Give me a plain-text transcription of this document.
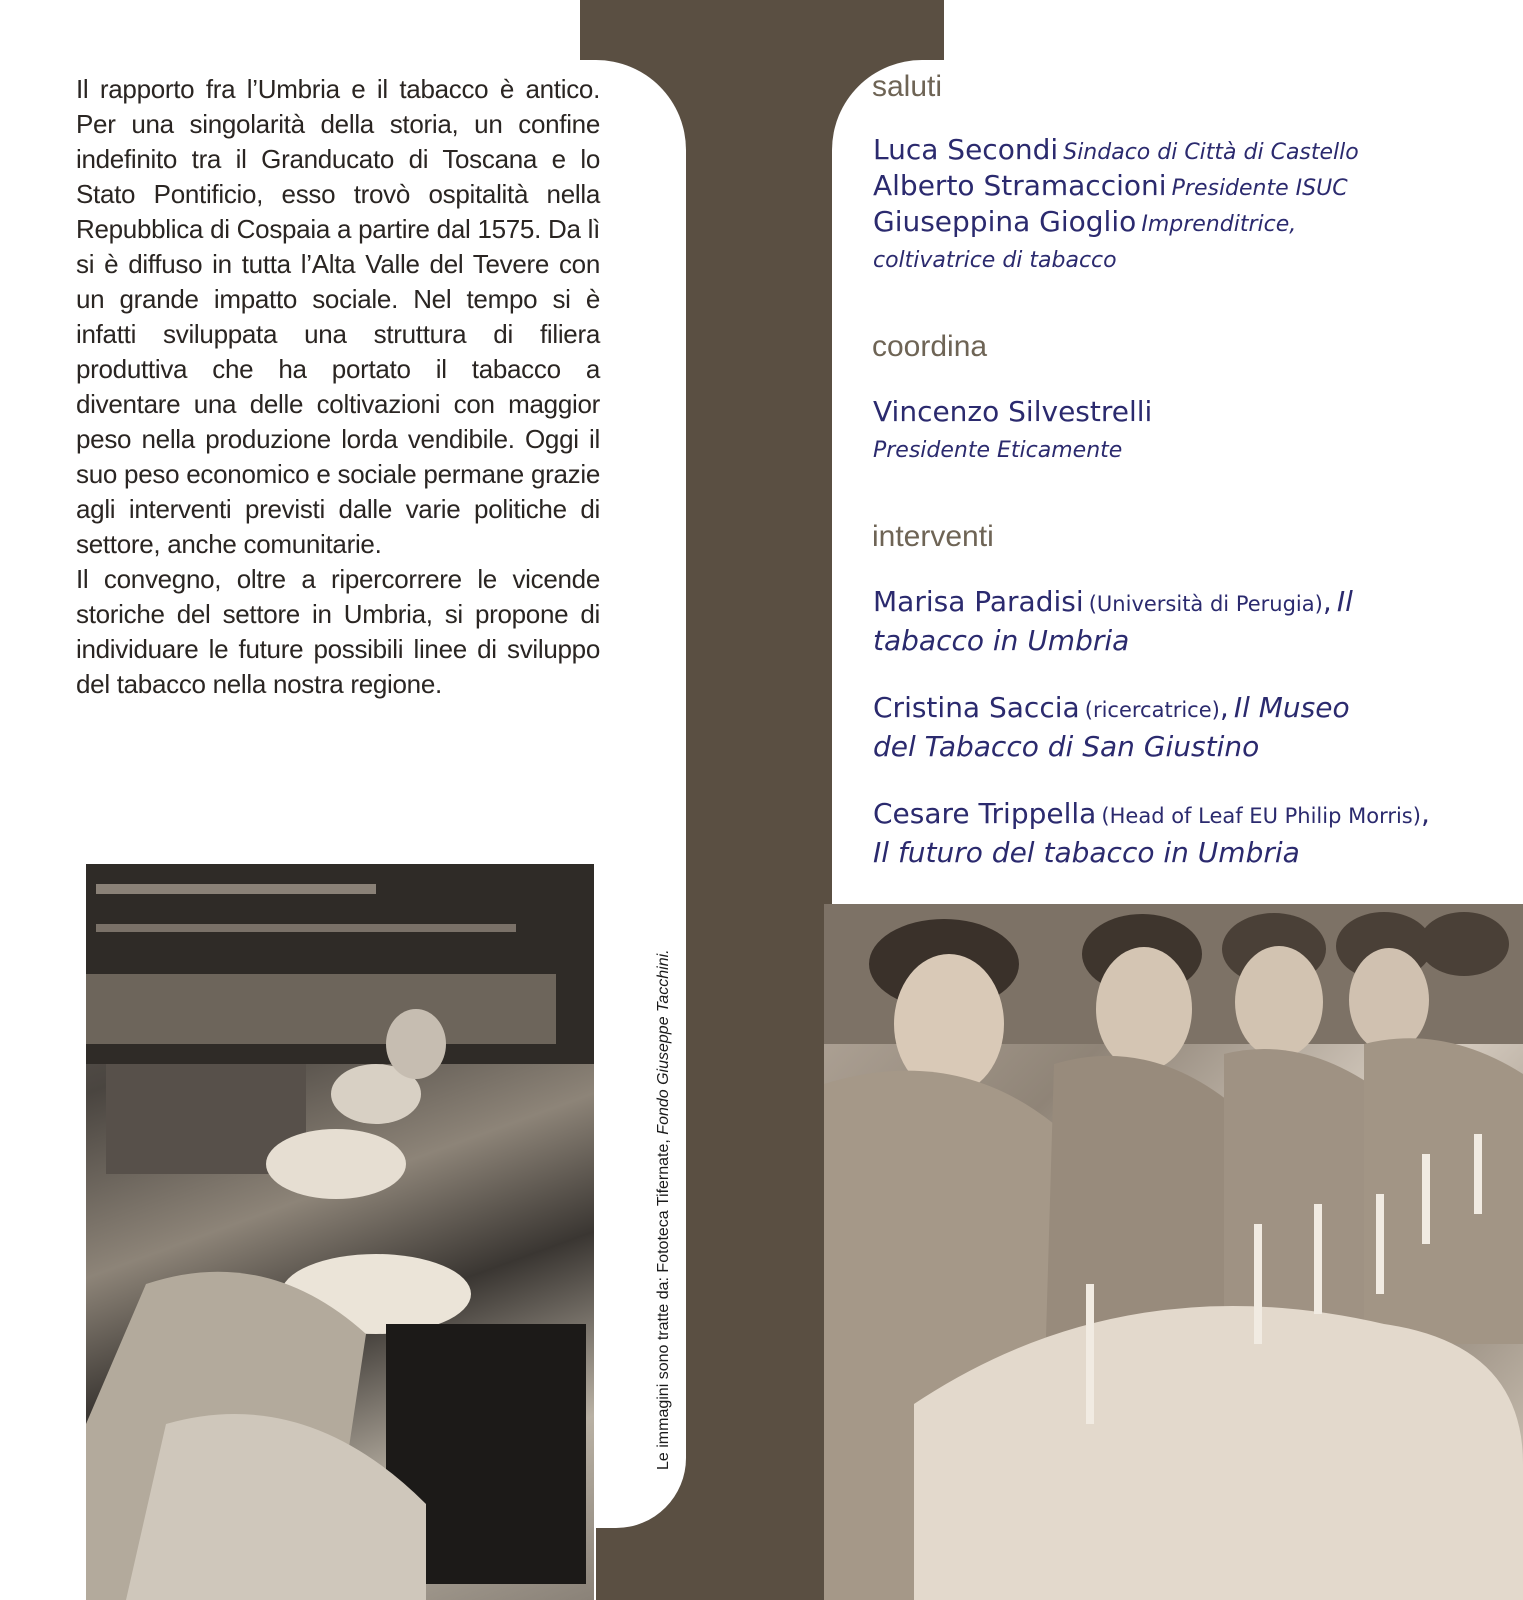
Il rapporto fra l’Umbria e il tabacco è antico. Per una singolarità della storia, un confine indefinito tra il Granducato di Toscana e lo Stato Pontificio, esso trovò ospitalità nella Repubblica di Cospaia a partire dal 1575. Da lì si è diffuso in tutta l’Alta Valle del Tevere con un grande impatto sociale. Nel tempo si è infatti sviluppata una struttura di filiera produttiva che ha portato il tabacco a diventare una delle coltivazioni con maggior peso nella produzione lorda vendibile. Oggi il suo peso economico e sociale permane grazie agli interventi previsti dalle varie politiche di settore, anche comunitarie.

Il convegno, oltre a ripercorrere le vicende storiche del settore in Umbria, si propone di individuare le future possibili linee di sviluppo del tabacco nella nostra regione.

Le immagini sono tratte da: Fototeca Tifernate, Fondo Giuseppe Tacchini.
saluti

Luca Secondi Sindaco di Città di Castello

Alberto Stramaccioni Presidente ISUC

Giuseppina Gioglio Imprenditrice, coltivatrice di tabacco

coordina

Vincenzo Silvestrelli
Presidente Eticamente

interventi

Marisa Paradisi (Università di Perugia), Il tabacco in Umbria

Cristina Saccia (ricercatrice), Il Museo del Tabacco di San Giustino

Cesare Trippella (Head of Leaf EU Philip Morris), Il futuro del tabacco in Umbria
